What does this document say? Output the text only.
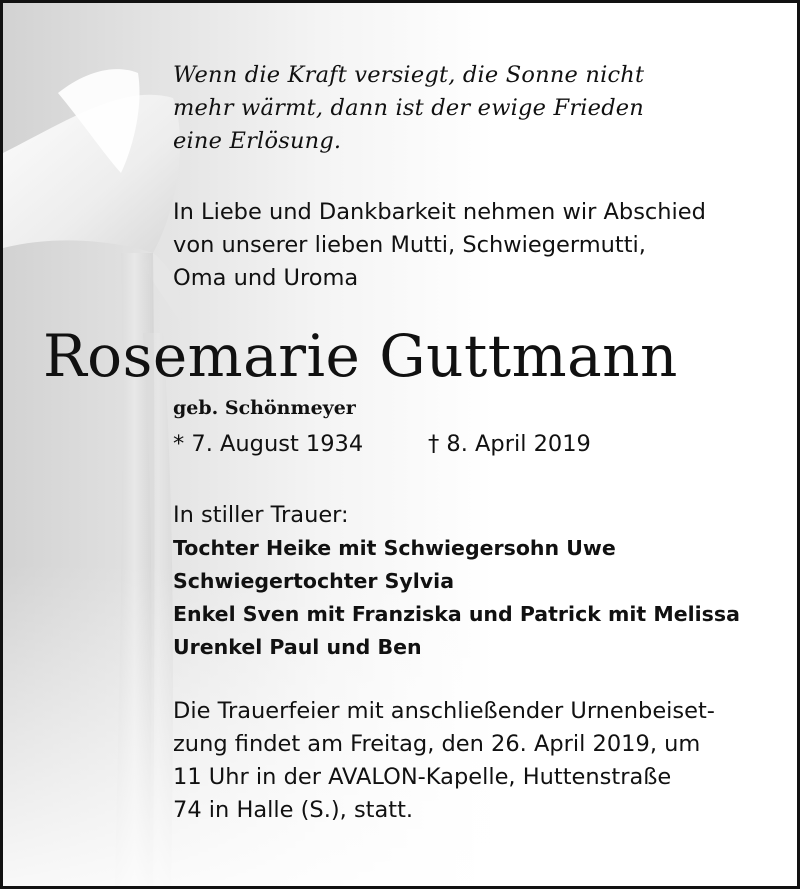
Wenn die Kraft versiegt, die Sonne nicht
mehr wärmt, dann ist der ewige Frieden
eine Erlösung.

In Liebe und Dankbarkeit nehmen wir Abschied
von unserer lieben Mutti, Schwiegermutti,
Oma und Uroma

Rosemarie Guttmann
geb. Schönmeyer
* 7. August 1934	† 8. April 2019
In stiller Trauer:
Tochter Heike mit Schwiegersohn Uwe
Schwiegertochter Sylvia
Enkel Sven mit Franziska und Patrick mit Melissa
Urenkel Paul und Ben

Die Trauerfeier mit anschließender Urnenbeiset-
zung findet am Freitag, den 26. April 2019, um
11 Uhr in der AVALON-Kapelle, Huttenstraße
74 in Halle (S.), statt.
